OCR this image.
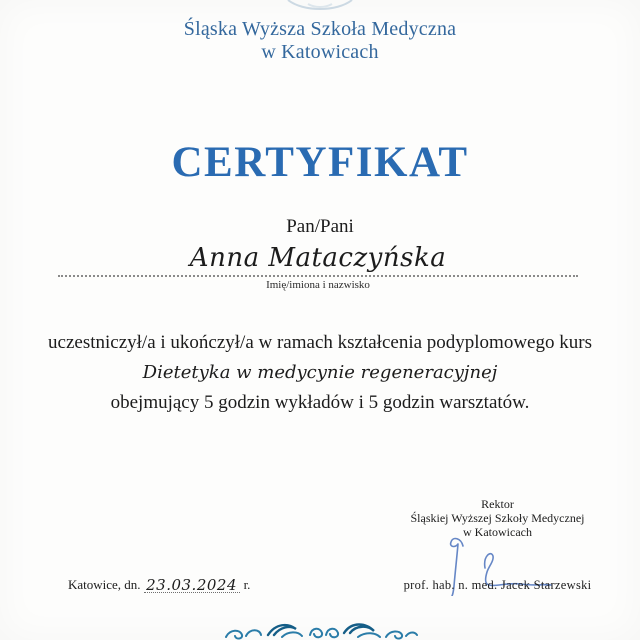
Śląska Wyższa Szkoła Medyczna
w Katowicach
CERTYFIKAT
Pan/Pani
Anna Mataczyńska
Imię/imiona i nazwisko
uczestniczył/a i ukończył/a w ramach kształcenia podyplomowego kurs
Dietetyka w medycynie regeneracyjnej
obejmujący 5 godzin wykładów i 5 godzin warsztatów.
Rektor
Śląskiej Wyższej Szkoły Medycznej
w Katowicach
prof. hab. n. med. Jacek Starzewski
Katowice, dn. 23.03.2024 r.
